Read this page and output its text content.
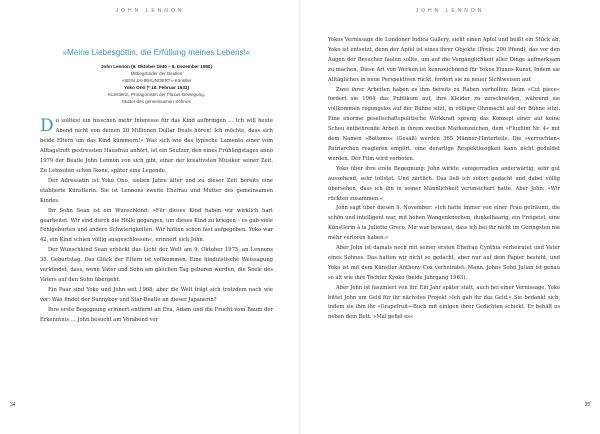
JOHN LENNON
»Meine Liebesgöttin, die Erfüllung meines Lebens!«
John Lennon (9. Oktober 1940 – 8. Dezember 1980)
Mitbegründer der Beatles
»SEIN JAHRHUNDERT«-Künstler
Yoko Ono (* 18. Februar 1933)
Künstlerin, Protagonistin der Fluxus-Bewegung,
Mutter des gemeinsamen Sohnes
D u solltest ein bisschen mehr Interesse für das Kind aufbringen … Ich will heute Abend nicht von deinen 20 Millionen Dollar Deals hören! Ich möchte, dass sich beide Eltern um das Kind kümmern!« Was sich wie das typische Lamento einer vom Alltagstrott gestressten Hausfrau anhört, ist ein Seufzer, den eines Frühlingstages anno 1979 der Beatle John Lennon von sich gibt, einer der kreativsten Musiker seiner Zeit. Zu Lebzeiten schon Ikone, später eine Legende.

Der Adressatin ist Yoko Ono, sieben Jahre älter und zu dieser Zeit bereits eine etablierte Künstlerin. Sie ist Lennons zweite Ehefrau und Mutter des gemeinsamen Kindes.

Ihr Sohn Sean ist ein Wunschkind: »Für dieses Kind haben wir wirklich hart gearbeitet. Wir sind durch die Hölle gegangen, um dieses Kind zu kriegen – es gab viele Fehlgeburten und andere Schwierigkeiten. Wir hatten schon fast aufgegeben. Yoko war 42, ein Kind schien völlig ausgeschlossen«, erinnert sich John.

Der Wunschkind Sean erblickt das Licht der Welt am 9. Oktober 1975, an Lennons 35. Geburtstag. Das Glück der Eltern ist vollkommen. Eine hinduistische Weissagung verkündet, dass, wenn Vater und Sohn am gleichen Tag geboren werden, die Seele des Vaters auf den Sohn übergeht.

Ein Paar sind Yoko und John seit 1968, aber die Welt trägt sich trotzdem nach wie vor: Was findet der Sunnyboy und Star-Beatle an dieser Japanerin?

Ihre erste Begegnung erinnert entfernt an Eva, Adam und die Frucht vom Baum der Erkenntnis … John besucht am Vorabend vor

34
JOHN LENNON

Yokos Vernissage die Londoner Indica Gallery, sieht einen Apfel und beißt ein Stück ab. Yoko ist entsetzt, denn der Apfel ist eines ihrer Objekte (Preis: 200 Pfund), das vor den Augen der Besucher faulen sollte, um auf die Vergänglichkeit aller Dinge aufmerksam zu machen. Diese Art von Werken ist kennzeichnend für Yokos Fluxus-Kunst. Indem sie Alltägliches in neue Perspektiven rückt, fordert sie zu neuer Sichtweisen auf.

Zwei ihrer Arbeiten haben es ihm bereits zu Raben verholfen: Beim »Cut piece« fordert sie 1964 das Publikum auf, ihre Kleider zu zerschneiden, während sie vollkommen regungslos auf der Bühne sitzt, in völliger Ohnmacht auf der Bühne sitzt. Eine enorme gesellschaftspolitische Wirkkraft spreng das Konzept einer auf keine Scheu entbehrende Arbeit in ihrem zweiten Markenzeichen, dem »Fluxfilm Nr. 4« mit dem Namen »Bottoms« (Gesäß) werden 365 Männer-Hinterteile. Die »verruchten« Patriarchen reagieren empört, eine derartige Respektlosigkeit kann nicht geduldet werden. Der Film wird verboten.

Yoko über ihre erste Begegnung: John wirkte »unigerradlen anderwärtig, sehr gut aussehend, sehr tollstet. Und zärtlich. Das ließ ich sofort gedacht und dabei völlig übersehen, dass ich ihn in seiner Männlichkeit verunsichert hatte. Aber John: »Wir rückten zusammen.«

John sagt über diesen 9. November: »Ich hatte immer von einer Frau geträumt, die schön und intelligent war, mit hohen Wangenknochen, dunkelhaarig, ein Freigeist, eine Künstlerin à la Juliette Greco. Mir war bewusst, dass ich bei ihr nicht im Geringsten nie mehr verloren haben.«

Aber John ist damals noch mit seiner ersten Ehefrau Cynthia verheiratet und Vater eines Sohnes. Das hatten wir nicht so gedacht, aber nur auf dem Papier besteht, und Yoko ist mit dem Künstler Anthony Cox verheiratet. Mann. Johns Sohn Julian ist genau so alt wie ihre Tochter Kyoko (beide Jahrgang 1963).

Aber John ist fasziniert von ihr. Ein Jahr später statt, auch bei einer Vernissage. Yoko bittet John um Geld für ihr nächstes Projekt »Ich gab ihr das Geld.« Sie bedankt sich, indem sie ihm ihr »Grapefruit«-Buch mit einigen ihrer Gedichten schickt. Er behält es neben dem Bett. »Mal gefiel es«

35
